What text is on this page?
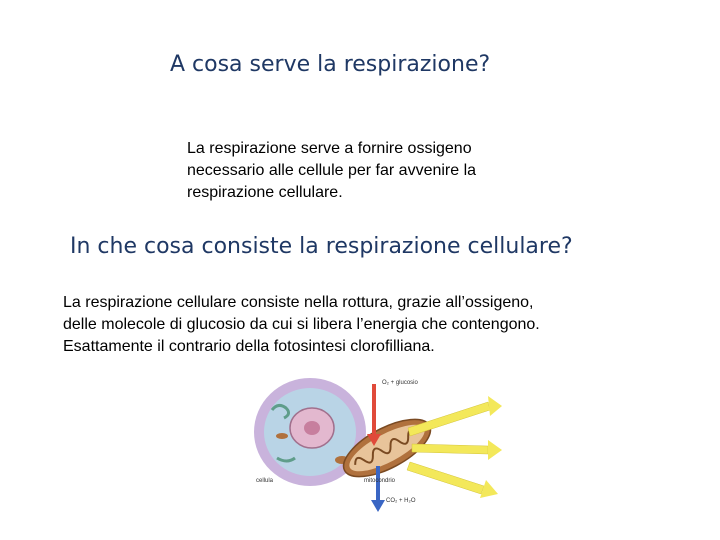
A cosa serve la respirazione?
La respirazione serve a fornire ossigeno
necessario alle cellule per far avvenire la
respirazione cellulare.
In che cosa consiste la respirazione cellulare?
La respirazione cellulare consiste nella rottura, grazie all’ossigeno,
delle molecole di glucosio da cui si libera l’energia che contengono.
Esattamente il contrario della fotosintesi clorofilliana.
O₂ + glucosio
cellula	mitocondrio
CO₂ + H₂O
